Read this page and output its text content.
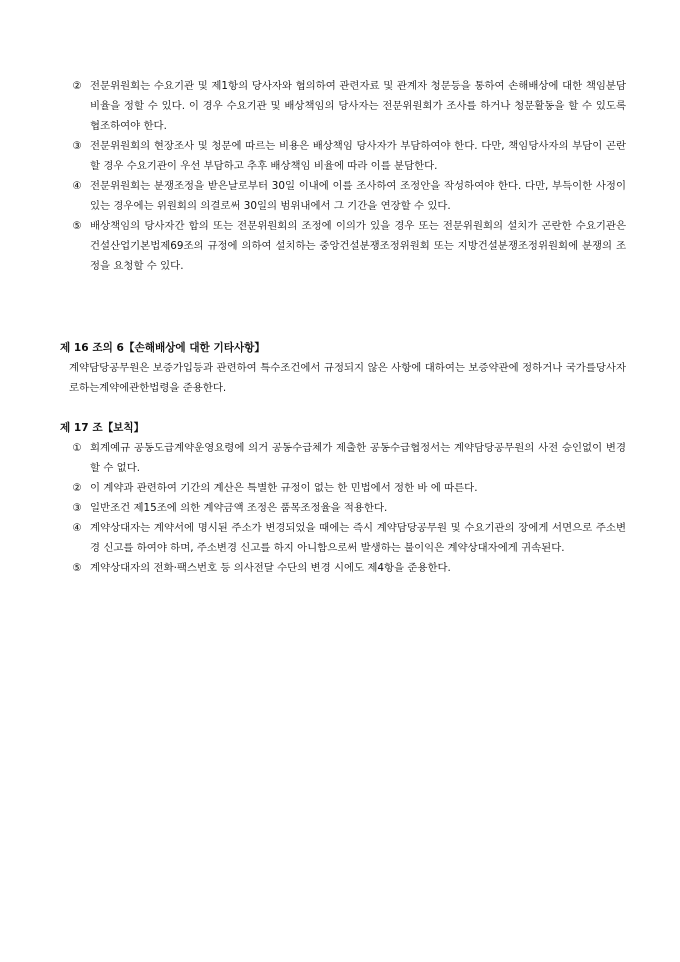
② 전문위원회는 수요기관 및 제1항의 당사자와 협의하여 관련자료 및 관계자 청문등을 통하여 손해배상에 대한 책임분담 비율을 정할 수 있다. 이 경우 수요기관 및 배상책임의 당사자는 전문위원회가 조사를 하거나 청문활동을 할 수 있도록 협조하여야 한다.
③ 전문위원회의 현장조사 및 청문에 따르는 비용은 배상책임 당사자가 부담하여야 한다. 다만, 책임당사자의 부담이 곤란할 경우 수요기관이 우선 부담하고 추후 배상책임 비율에 따라 이를 분담한다.
④ 전문위원회는 분쟁조정을 받은날로부터 30일 이내에 이를 조사하여 조정안을 작성하여야 한다. 다만, 부득이한 사정이 있는 경우에는 위원회의 의결로써 30일의 범위내에서 그 기간을 연장할 수 있다.
⑤ 배상책임의 당사자간 합의 또는 전문위원회의 조정에 이의가 있을 경우 또는 전문위원회의 설치가 곤란한 수요기관은 건설산업기본법제69조의 규정에 의하여 설치하는 중앙건설분쟁조정위원회 또는 지방건설분쟁조정위원회에 분쟁의 조정을 요청할 수 있다.
제 16 조의 6【손해배상에 대한 기타사항】
계약담당공무원은 보증가입등과 관련하여 특수조건에서 규정되지 않은 사항에 대하여는 보증약관에 정하거나 국가를당사자로하는계약에관한법령을 준용한다.
제 17 조【보칙】
① 회계예규 공동도급계약운영요령에 의거 공동수급체가 제출한 공동수급협정서는 계약담당공무원의 사전 승인없이 변경할 수 없다.
② 이 계약과 관련하여 기간의 계산은 특별한 규정이 없는 한 민법에서 정한 바 에 따른다.
③ 일반조건 제15조에 의한 계약금액 조정은 품목조정율을 적용한다.
④ 계약상대자는 계약서에 명시된 주소가 변경되었을 때에는 즉시 계약담당공무원 및 수요기관의 장에게 서면으로 주소변경 신고를 하여야 하며, 주소변경 신고를 하지 아니함으로써 발생하는 불이익은 계약상대자에게 귀속된다.
⑤ 계약상대자의 전화·팩스번호 등 의사전달 수단의 변경 시에도 제4항을 준용한다.
